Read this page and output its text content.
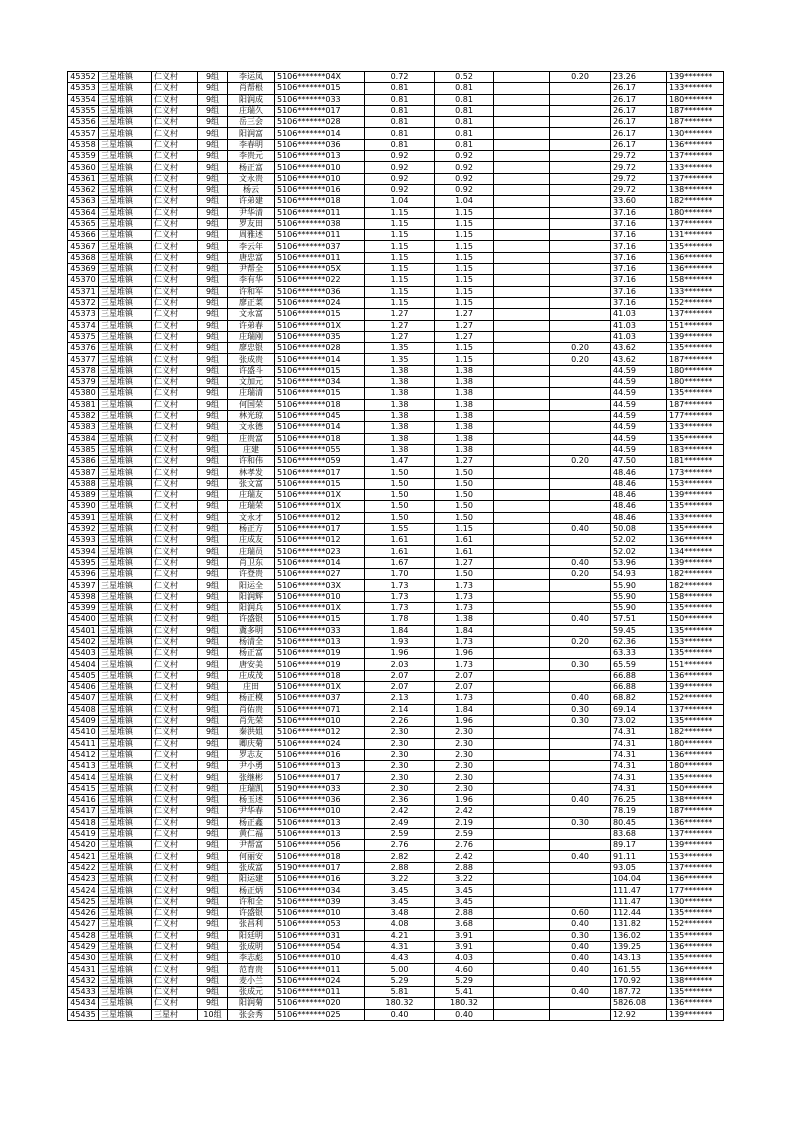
45352	三星堆镇	仁义村	9组	李运凤	5106*******04X	0.72	0.52		0.20	23.26	139*******
45353	三星堆镇	仁义村	9组	肖帮根	5106*******015	0.81	0.81			26.17	133*******
45354	三星堆镇	仁义村	9组	阳润成	5106*******033	0.81	0.81			26.17	180*******
45355	三星堆镇	仁义村	9组	庄瑞久	5106*******017	0.81	0.81			26.17	187*******
45356	三星堆镇	仁义村	9组	岳三会	5106*******028	0.81	0.81			26.17	187*******
45357	三星堆镇	仁义村	9组	阳润富	5106*******014	0.81	0.81			26.17	130*******
45358	三星堆镇	仁义村	9组	李春明	5106*******036	0.81	0.81			26.17	136*******
45359	三星堆镇	仁义村	9组	李贵元	5106*******013	0.92	0.92			29.72	137*******
45360	三星堆镇	仁义村	9组	杨正富	5106*******010	0.92	0.92			29.72	133*******
45361	三星堆镇	仁义村	9组	文永贵	5106*******010	0.92	0.92			29.72	137*******
45362	三星堆镇	仁义村	9组	杨云	5106*******016	0.92	0.92			29.72	138*******
45363	三星堆镇	仁义村	9组	许弟建	5106*******018	1.04	1.04			33.60	182*******
45364	三星堆镇	仁义村	9组	尹华清	5106*******011	1.15	1.15			37.16	180*******
45365	三星堆镇	仁义村	9组	罗友田	5106*******038	1.15	1.15			37.16	137*******
45366	三星堆镇	仁义村	9组	周雅述	5106*******011	1.15	1.15			37.16	131*******
45367	三星堆镇	仁义村	9组	李云年	5106*******037	1.15	1.15			37.16	135*******
45368	三星堆镇	仁义村	9组	唐忠富	5106*******011	1.15	1.15			37.16	136*******
45369	三星堆镇	仁义村	9组	尹帮全	5106*******05X	1.15	1.15			37.16	136*******
45370	三星堆镇	仁义村	9组	李有华	5106*******022	1.15	1.15			37.16	158*******
45371	三星堆镇	仁义村	9组	许和军	5106*******036	1.15	1.15			37.16	133*******
45372	三星堆镇	仁义村	9组	廖正菜	5106*******024	1.15	1.15			37.16	152*******
45373	三星堆镇	仁义村	9组	文永富	5106*******015	1.27	1.27			41.03	137*******
45374	三星堆镇	仁义村	9组	许弟春	5106*******01X	1.27	1.27			41.03	151*******
45375	三星堆镇	仁义村	9组	庄瑞刚	5106*******035	1.27	1.27			41.03	139*******
45376	三星堆镇	仁义村	9组	廖忠银	5106*******028	1.35	1.15		0.20	43.62	135*******
45377	三星堆镇	仁义村	9组	张成贵	5106*******014	1.35	1.15		0.20	43.62	187*******
45378	三星堆镇	仁义村	9组	许盛斗	5106*******015	1.38	1.38			44.59	180*******
45379	三星堆镇	仁义村	9组	文加元	5106*******034	1.38	1.38			44.59	180*******
45380	三星堆镇	仁义村	9组	庄瑞清	5106*******015	1.38	1.38			44.59	135*******
45381	三星堆镇	仁义村	9组	何国荣	5106*******018	1.38	1.38			44.59	187*******
45382	三星堆镇	仁义村	9组	林光琼	5106*******045	1.38	1.38			44.59	177*******
45383	三星堆镇	仁义村	9组	文永德	5106*******014	1.38	1.38			44.59	133*******
45384	三星堆镇	仁义村	9组	庄贵富	5106*******018	1.38	1.38			44.59	135*******
45385	三星堆镇	仁义村	9组	庄建	5106*******055	1.38	1.38			44.59	183*******
45386	三星堆镇	仁义村	9组	许和伟	5106*******059	1.47	1.27		0.20	47.50	181*******
45387	三星堆镇	仁义村	9组	林孝发	5106*******017	1.50	1.50			48.46	173*******
45388	三星堆镇	仁义村	9组	张文富	5106*******015	1.50	1.50			48.46	153*******
45389	三星堆镇	仁义村	9组	庄瑞友	5106*******01X	1.50	1.50			48.46	139*******
45390	三星堆镇	仁义村	9组	庄瑞荣	5106*******01X	1.50	1.50			48.46	135*******
45391	三星堆镇	仁义村	9组	文永才	5106*******012	1.50	1.50			48.46	133*******
45392	三星堆镇	仁义村	9组	杨正方	5106*******017	1.55	1.15		0.40	50.08	135*******
45393	三星堆镇	仁义村	9组	庄成友	5106*******012	1.61	1.61			52.02	136*******
45394	三星堆镇	仁义村	9组	庄瑞员	5106*******023	1.61	1.61			52.02	134*******
45395	三星堆镇	仁义村	9组	肖卫东	5106*******014	1.67	1.27		0.40	53.96	139*******
45396	三星堆镇	仁义村	9组	许登贵	5106*******027	1.70	1.50		0.20	54.93	182*******
45397	三星堆镇	仁义村	9组	阳运全	5106*******03X	1.73	1.73			55.90	182*******
45398	三星堆镇	仁义村	9组	阳润辉	5106*******010	1.73	1.73			55.90	158*******
45399	三星堆镇	仁义村	9组	阳润兵	5106*******01X	1.73	1.73			55.90	135*******
45400	三星堆镇	仁义村	9组	许盛银	5106*******015	1.78	1.38		0.40	57.51	150*******
45401	三星堆镇	仁义村	9组	冀多明	5106*******033	1.84	1.84			59.45	135*******
45402	三星堆镇	仁义村	9组	杨清全	5106*******013	1.93	1.73		0.20	62.36	153*******
45403	三星堆镇	仁义村	9组	杨正富	5106*******019	1.96	1.96			63.33	135*******
45404	三星堆镇	仁义村	9组	唐安美	5106*******019	2.03	1.73		0.30	65.59	151*******
45405	三星堆镇	仁义村	9组	庄成茂	5106*******018	2.07	2.07			66.88	136*******
45406	三星堆镇	仁义村	9组	庄田	5106*******01X	2.07	2.07			66.88	139*******
45407	三星堆镇	仁义村	9组	杨正模	5106*******037	2.13	1.73		0.40	68.82	152*******
45408	三星堆镇	仁义村	9组	肖佑贵	5106*******071	2.14	1.84		0.30	69.14	137*******
45409	三星堆镇	仁义村	9组	肖先荣	5106*******010	2.26	1.96		0.30	73.02	135*******
45410	三星堆镇	仁义村	9组	秦洪姐	5106*******012	2.30	2.30			74.31	182*******
45411	三星堆镇	仁义村	9组	卿庆菊	5106*******024	2.30	2.30			74.31	180*******
45412	三星堆镇	仁义村	9组	罗志友	5106*******016	2.30	2.30			74.31	136*******
45413	三星堆镇	仁义村	9组	尹小勇	5106*******013	2.30	2.30			74.31	180*******
45414	三星堆镇	仁义村	9组	张继彬	5106*******017	2.30	2.30			74.31	135*******
45415	三星堆镇	仁义村	9组	庄瑞凯	5190*******033	2.30	2.30			74.31	150*******
45416	三星堆镇	仁义村	9组	杨玉述	5106*******036	2.36	1.96		0.40	76.25	138*******
45417	三星堆镇	仁义村	9组	尹华春	5106*******010	2.42	2.42			78.19	187*******
45418	三星堆镇	仁义村	9组	杨正鑫	5106*******013	2.49	2.19		0.30	80.45	136*******
45419	三星堆镇	仁义村	9组	黄仁福	5106*******013	2.59	2.59			83.68	137*******
45420	三星堆镇	仁义村	9组	尹帮富	5106*******056	2.76	2.76			89.17	139*******
45421	三星堆镇	仁义村	9组	何丽安	5106*******018	2.82	2.42		0.40	91.11	153*******
45422	三星堆镇	仁义村	9组	张成富	5190*******017	2.88	2.88			93.05	137*******
45423	三星堆镇	仁义村	9组	阳运建	5106*******016	3.22	3.22			104.04	136*******
45424	三星堆镇	仁义村	9组	杨正炳	5106*******034	3.45	3.45			111.47	177*******
45425	三星堆镇	仁义村	9组	许和全	5106*******039	3.45	3.45			111.47	130*******
45426	三星堆镇	仁义村	9组	许盛银	5106*******010	3.48	2.88		0.60	112.44	135*******
45427	三星堆镇	仁义村	9组	张昌利	5106*******053	4.08	3.68		0.40	131.82	152*******
45428	三星堆镇	仁义村	9组	阳廷明	5106*******031	4.21	3.91		0.30	136.02	135*******
45429	三星堆镇	仁义村	9组	张成明	5106*******054	4.31	3.91		0.40	139.25	136*******
45430	三星堆镇	仁义村	9组	李志彪	5106*******010	4.43	4.03		0.40	143.13	135*******
45431	三星堆镇	仁义村	9组	范育贵	5106*******011	5.00	4.60		0.40	161.55	136*******
45432	三星堆镇	仁义村	9组	麦小兰	5106*******024	5.29	5.29			170.92	138*******
45433	三星堆镇	仁义村	9组	张成元	5106*******011	5.81	5.41		0.40	187.72	135*******
45434	三星堆镇	仁义村	9组	阳润菊	5106*******020	180.32	180.32			5826.08	136*******
45435	三星堆镇	三星村	10组	张会秀	5106*******025	0.40	0.40			12.92	139*******
